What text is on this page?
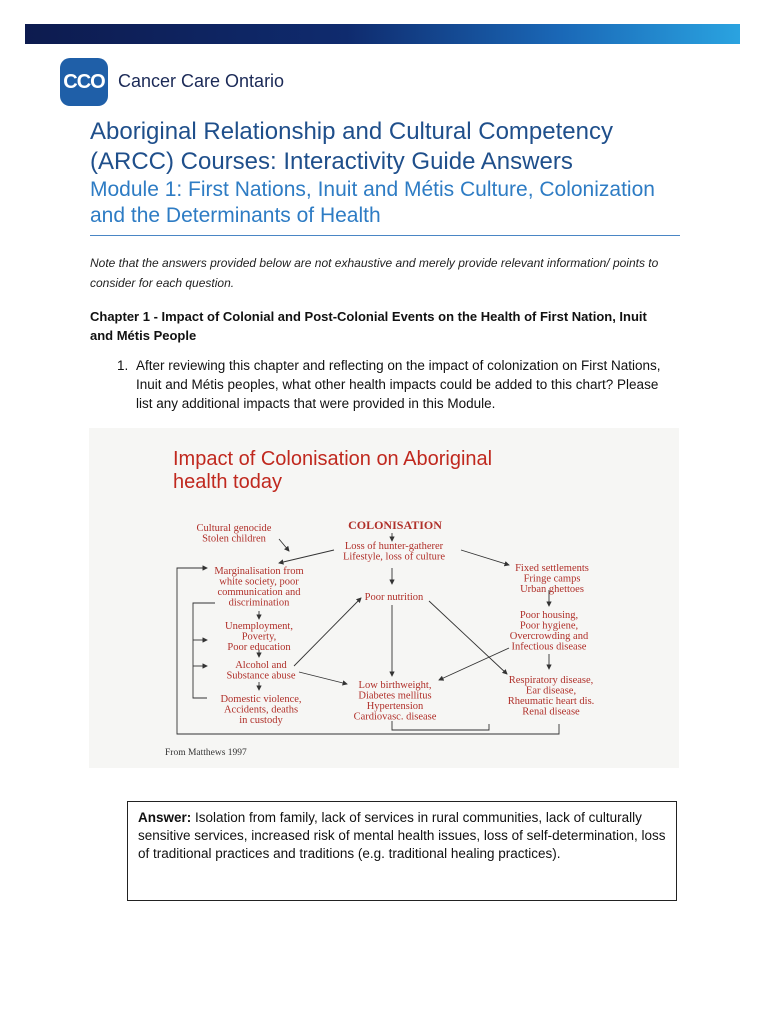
CCO Cancer Care Ontario
Aboriginal Relationship and Cultural Competency (ARCC) Courses: Interactivity Guide Answers
Module 1: First Nations, Inuit and Métis Culture, Colonization and the Determinants of Health
Note that the answers provided below are not exhaustive and merely provide relevant information/ points to consider for each question.
Chapter 1 - Impact of Colonial and Post-Colonial Events on the Health of First Nation, Inuit and Métis People
1. After reviewing this chapter and reflecting on the impact of colonization on First Nations, Inuit and Métis peoples, what other health impacts could be added to this chart? Please list any additional impacts that were provided in this Module.
Impact of Colonisation on Aboriginal
health today
COLONISATION
Cultural genocide Stolen children
Loss of hunter-gatherer Lifestyle, loss of culture
Fixed settlements Fringe camps Urban ghettoes
Marginalisation from white society, poor communication and discrimination	Poor nutrition
Unemployment, Poverty, Poor education
Poor housing, Poor hygiene, Overcrowding and Infectious disease
Alcohol and Substance abuse
Low birthweight, Diabetes mellitus Hypertension Cardiovasc. disease
Respiratory disease, Ear disease, Rheumatic heart dis. Renal disease
Domestic violence, Accidents, deaths in custody
From Matthews 1997
Answer: Isolation from family, lack of services in rural communities, lack of culturally sensitive services, increased risk of mental health issues, loss of self-determination, loss of traditional practices and traditions (e.g. traditional healing practices).
